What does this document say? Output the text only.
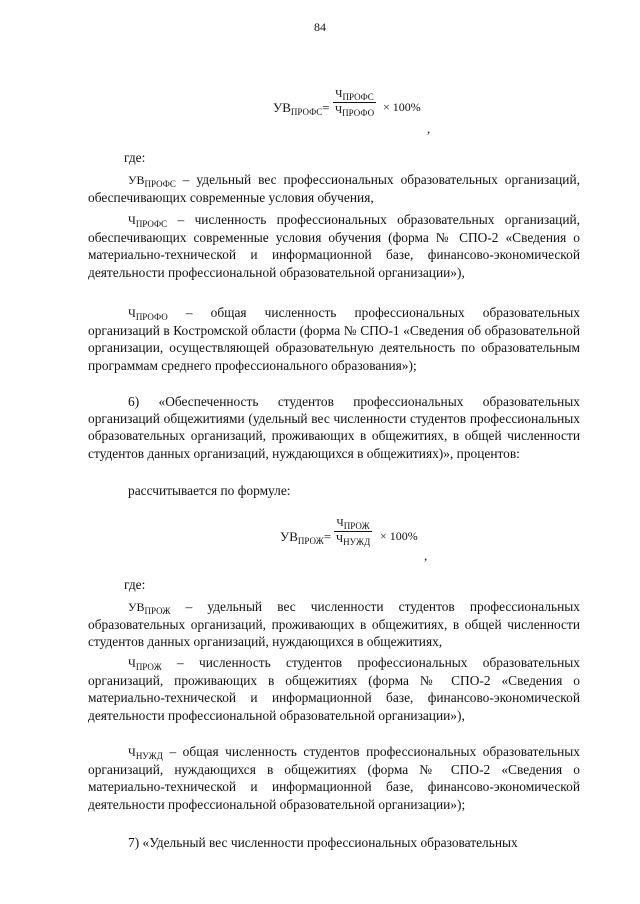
84
$УВ_{ПРОФС}=$
$Ч_{ПРОФС}$
$Ч_{ПРОФО} \times 100\%$
,
где:

$УВ_{ПРОФС}$ – удельный вес профессиональных образовательных организаций, обеспечивающих современные условия обучения,

$Ч_{ПРОФС}$ – численность профессиональных образовательных организаций, обеспечивающих современные условия обучения (форма № СПО-2 «Сведения о материально-технической и информационной базе, финансово-экономической деятельности профессиональной образовательной организации»),

$Ч_{ПРОФО}$ – общая численность профессиональных образовательных организаций в Костромской области (форма № СПО-1 «Сведения об образовательной организации, осуществляющей образовательную деятельность по образовательным программам среднего профессионального образования»);

6) «Обеспеченность студентов профессиональных образовательных организаций общежитиями (удельный вес численности студентов профессиональных образовательных организаций, проживающих в общежитиях, в общей численности студентов данных организаций, нуждающихся в общежитиях)», процентов:

рассчитывается по формуле:

$УВ_{ПРОЖ}=$
$Ч_{ПРОЖ}$
$Ч_{НУЖД} \times 100\%$
,
где:

$УВ_{ПРОЖ}$ – удельный вес численности студентов профессиональных образовательных организаций, проживающих в общежитиях, в общей численности студентов данных организаций, нуждающихся в общежитиях,

$Ч_{ПРОЖ}$ – численность студентов профессиональных образовательных организаций, проживающих в общежитиях (форма № СПО-2 «Сведения о материально-технической и информационной базе, финансово-экономической деятельности профессиональной образовательной организации»),

$Ч_{НУЖД}$ – общая численность студентов профессиональных образовательных организаций, нуждающихся в общежитиях (форма № СПО-2 «Сведения о материально-технической и информационной базе, финансово-экономической деятельности профессиональной образовательной организации»);

7) «Удельный вес численности профессиональных образовательных
